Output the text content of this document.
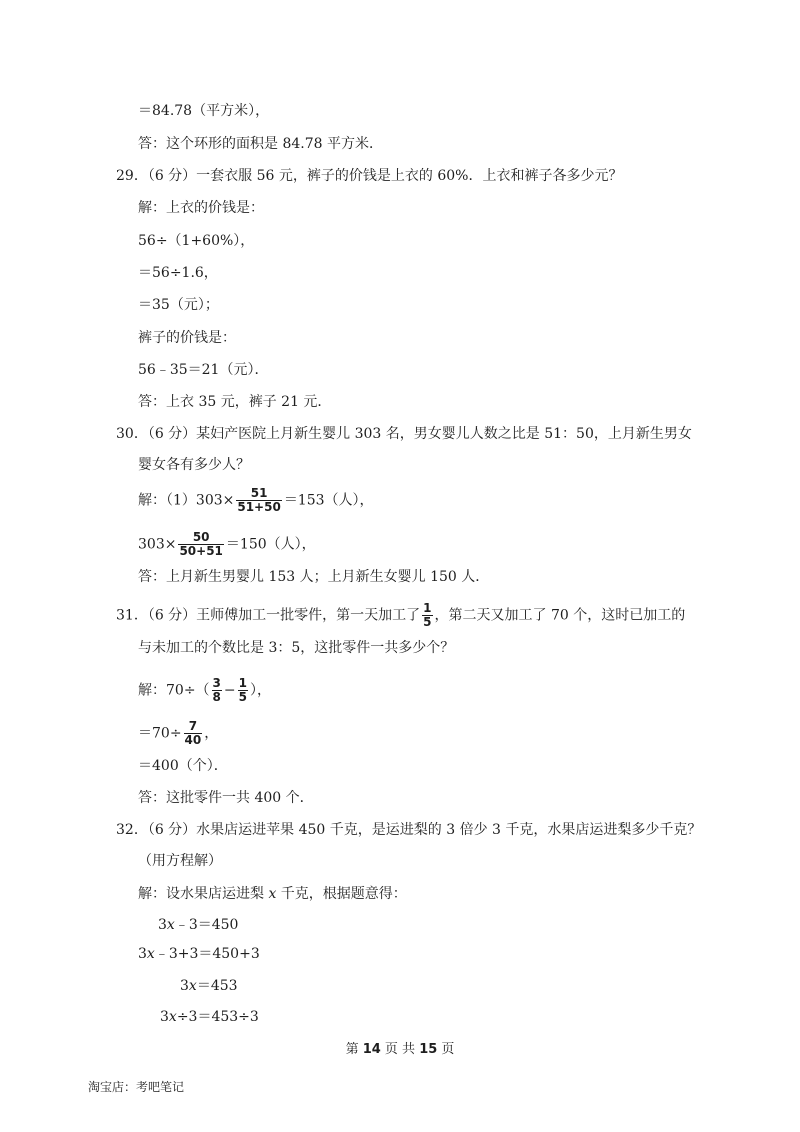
＝84.78（平方米），
答：这个环形的面积是 84.78 平方米．
29．（6 分）一套衣服 56 元，裤子的价钱是上衣的 60%．上衣和裤子各多少元？
解：上衣的价钱是：
56÷（1+60%），
＝56÷1.6，
＝35（元）；
裤子的价钱是：
56﹣35＝21（元）．
答：上衣 35 元，裤子 21 元．
30．（6 分）某妇产医院上月新生婴儿 303 名，男女婴儿人数之比是 51：50，上月新生男女
婴女各有多少人？
解：$(1)303\times \frac{51}{51+50} =153$（人），
$303\times \frac{50}{50+51} =150$（人），
答：上月新生男婴儿 153 人；上月新生女婴儿 150 人．
31．（6 分）王师傅加工一批零件，第一天加工了 $\frac{1}{5}$ ，第二天又加工了 70 个，这时已加工的
与未加工的个数比是 3：5，这批零件一共多少个？
解：$70\div( \frac{3}{8} - \frac{1}{5}$ ），
$=70\div \frac{7}{40}$ ，
＝400（个）．
答：这批零件一共 400 个．
32．（6 分）水果店运进苹果 450 千克，是运进梨的 3 倍少 3 千克，水果店运进梨多少千克？
（用方程解）
解：设水果店运进梨 x 千克，根据题意得：
3x﹣3＝450
3x﹣3+3＝450+3
3x＝453
3x÷3＝453÷3
第 14 页 共 15 页
淘宝店：考吧笔记
